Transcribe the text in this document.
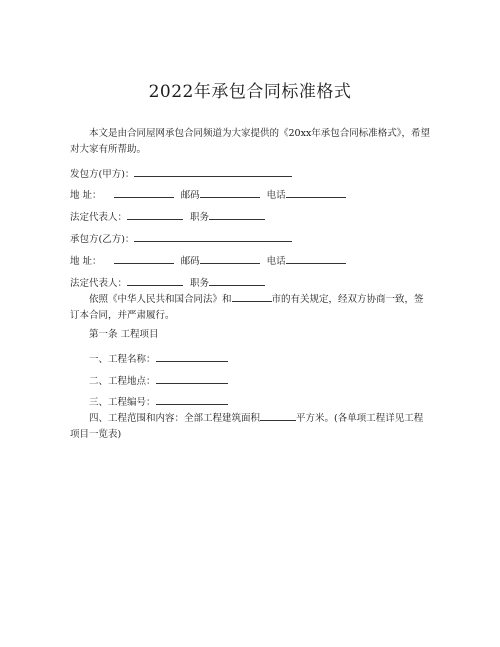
2022年承包合同标准格式
本文是由合同屋网承包合同频道为大家提供的《20xx年承包合同标准格式》，希望对大家有所帮助。
发包方(甲方)：
地 址：	邮码	电话
法定代表人：	职务
承包方(乙方)：
地 址：	邮码	电话
法定代表人：	职务
依照《中华人民共和国合同法》和	市的有关规定，经双方协商一致，签订本合同，并严肃履行。
第一条 工程项目
一、工程名称：
二、工程地点：
三、工程编号：
四、工程范围和内容：全部工程建筑面积	平方米。(各单项工程详见工程项目一览表)
